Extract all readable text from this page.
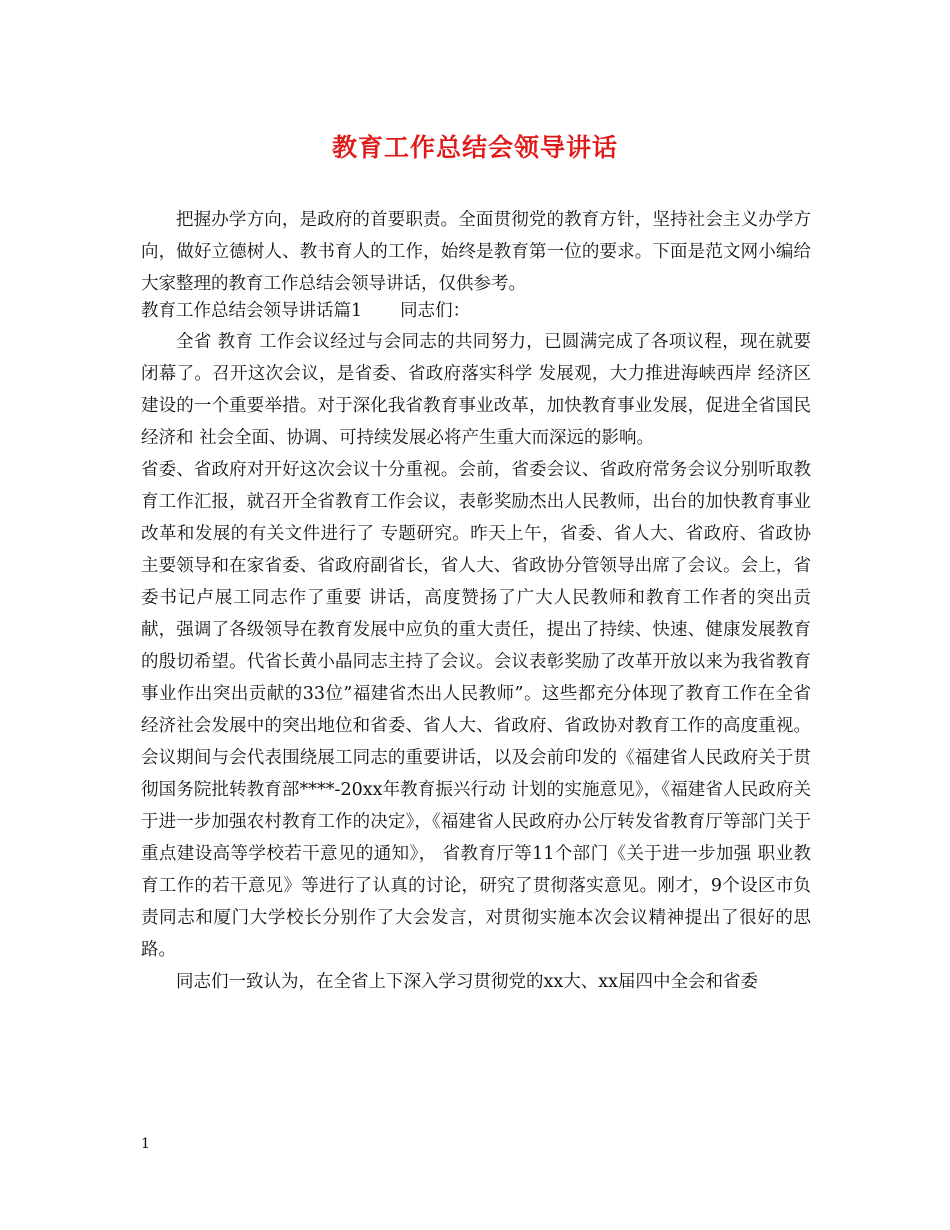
教育工作总结会领导讲话

把握办学方向，是政府的首要职责。全面贯彻党的教育方针，坚持社会主义办学方向，做好立德树人、教书育人的工作，始终是教育第一位的要求。下面是范文网小编给大家整理的教育工作总结会领导讲话，仅供参考。

教育工作总结会领导讲话篇1 同志们：

全省 教育 工作会议经过与会同志的共同努力，已圆满完成了各项议程，现在就要闭幕了。召开这次会议，是省委、省政府落实科学 发展观，大力推进海峡西岸 经济区建设的一个重要举措。对于深化我省教育事业改革，加快教育事业发展，促进全省国民经济和 社会全面、协调、可持续发展必将产生重大而深远的影响。

省委、省政府对开好这次会议十分重视。会前，省委会议、省政府常务会议分别听取教育工作汇报，就召开全省教育工作会议，表彰奖励杰出人民教师，出台的加快教育事业改革和发展的有关文件进行了 专题研究。昨天上午，省委、省人大、省政府、省政协主要领导和在家省委、省政府副省长，省人大、省政协分管领导出席了会议。会上，省委书记卢展工同志作了重要 讲话，高度赞扬了广大人民教师和教育工作者的突出贡献，强调了各级领导在教育发展中应负的重大责任，提出了持续、快速、健康发展教育的殷切希望。代省长黄小晶同志主持了会议。会议表彰奖励了改革开放以来为我省教育事业作出突出贡献的33位”福建省杰出人民教师”。这些都充分体现了教育工作在全省经济社会发展中的突出地位和省委、省人大、省政府、省政协对教育工作的高度重视。会议期间与会代表围绕展工同志的重要讲话，以及会前印发的《福建省人民政府关于贯彻国务院批转教育部****-20xx年教育振兴行动 计划的实施意见》，《福建省人民政府关于进一步加强农村教育工作的决定》，《福建省人民政府办公厅转发省教育厅等部门关于重点建设高等学校若干意见的通知》， 省教育厅等11个部门《关于进一步加强 职业教育工作的若干意见》等进行了认真的讨论，研究了贯彻落实意见。刚才，9个设区市负责同志和厦门大学校长分别作了大会发言，对贯彻实施本次会议精神提出了很好的思路。

同志们一致认为，在全省上下深入学习贯彻党的xx大、xx届四中全会和省委

1
